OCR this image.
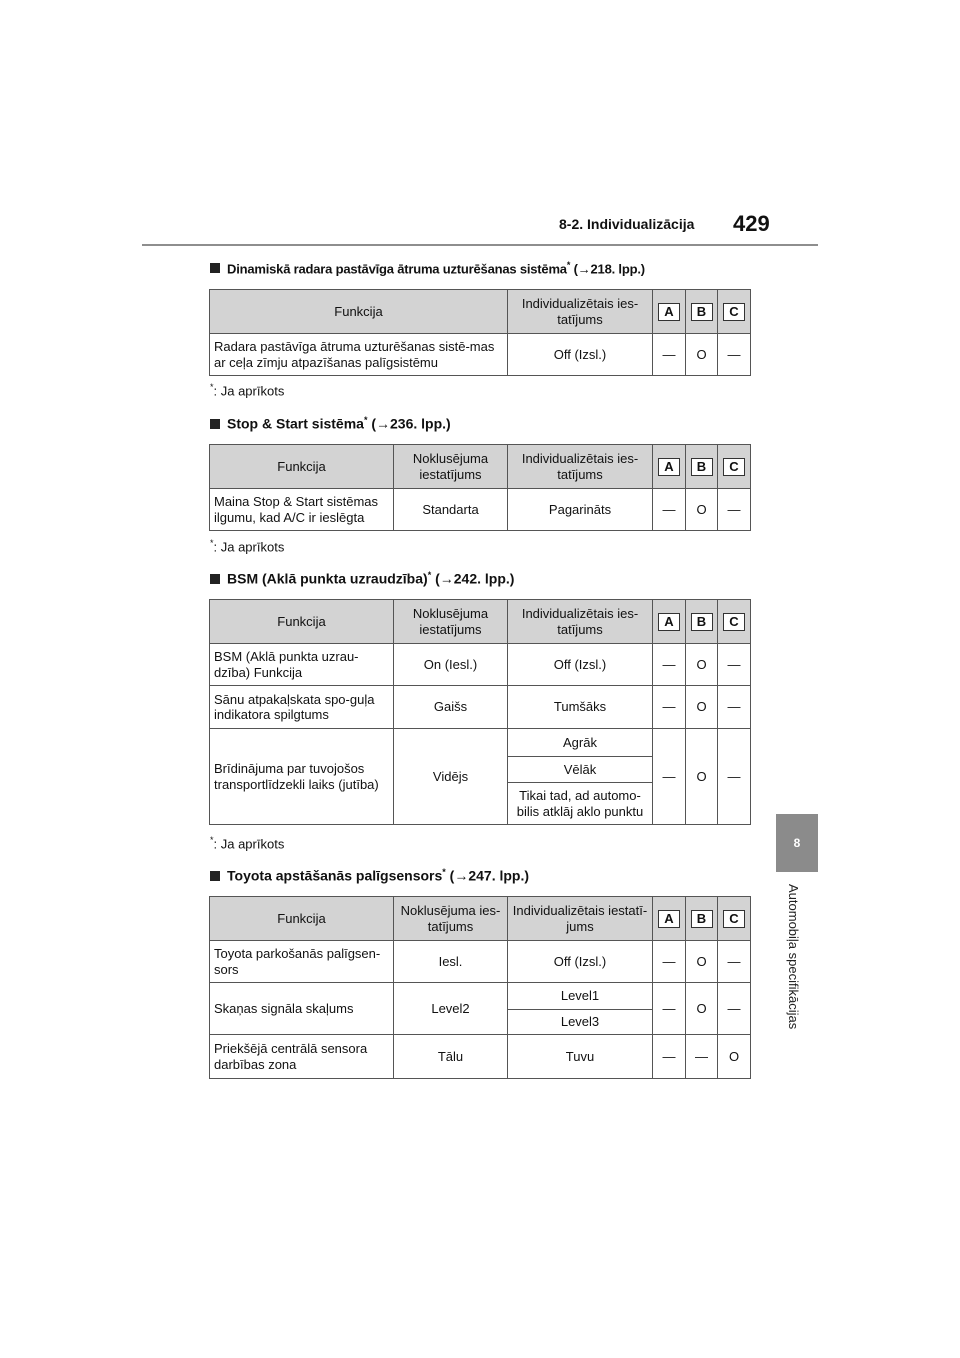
8-2. Individualizācija 429
8
Automobiļa specifikācijas
Dinamiskā radara pastāvīga ātruma uzturēšanas sistēma* (→218. lpp.)
Funkcija	Individualizētais ies-tatījums	A	B	C
Radara pastāvīga ātruma uzturēšanas sistē-mas ar ceļa zīmju atpazīšanas palīgsistēmu	Off (Izsl.)	—	O	—
*: Ja aprīkots
Stop & Start sistēma* (→236. lpp.)
Funkcija	Noklusējuma iestatījums	Individualizētais ies-tatījums	A	B	C
Maina Stop & Start sistēmas ilgumu, kad A/C ir ieslēgta	Standarta	Pagarināts	—	O	—
*: Ja aprīkots
BSM (Aklā punkta uzraudzība)* (→242. lpp.)
Funkcija	Noklusējuma iestatījums	Individualizētais ies-tatījums	A	B	C
BSM (Aklā punkta uzrau-dzība) Funkcija	On (Iesl.)	Off (Izsl.)	—	O	—
Sānu atpakaļskata spo-guļa indikatora spilgtums	Gaišs	Tumšāks	—	O	—
Brīdinājuma par tuvojošos transportlīdzekli laiks (jutība)	Vidējs	Agrāk	—	O	—
		Vēlāk			
		Tikai tad, ad automo-bilis atklāj aklo punktu			
*: Ja aprīkots
Toyota apstāšanās palīgsensors* (→247. lpp.)
Funkcija	Noklusējuma ies-tatījums	Individualizētais iestatī-jums	A	B	C
Toyota parkošanās palīgsen-sors	Iesl.	Off (Izsl.)	—	O	—
Skaņas signāla skaļums	Level2	Level1	—	O	—
		Level3			
Priekšējā centrālā sensora darbības zona	Tālu	Tuvu	—	—	O
